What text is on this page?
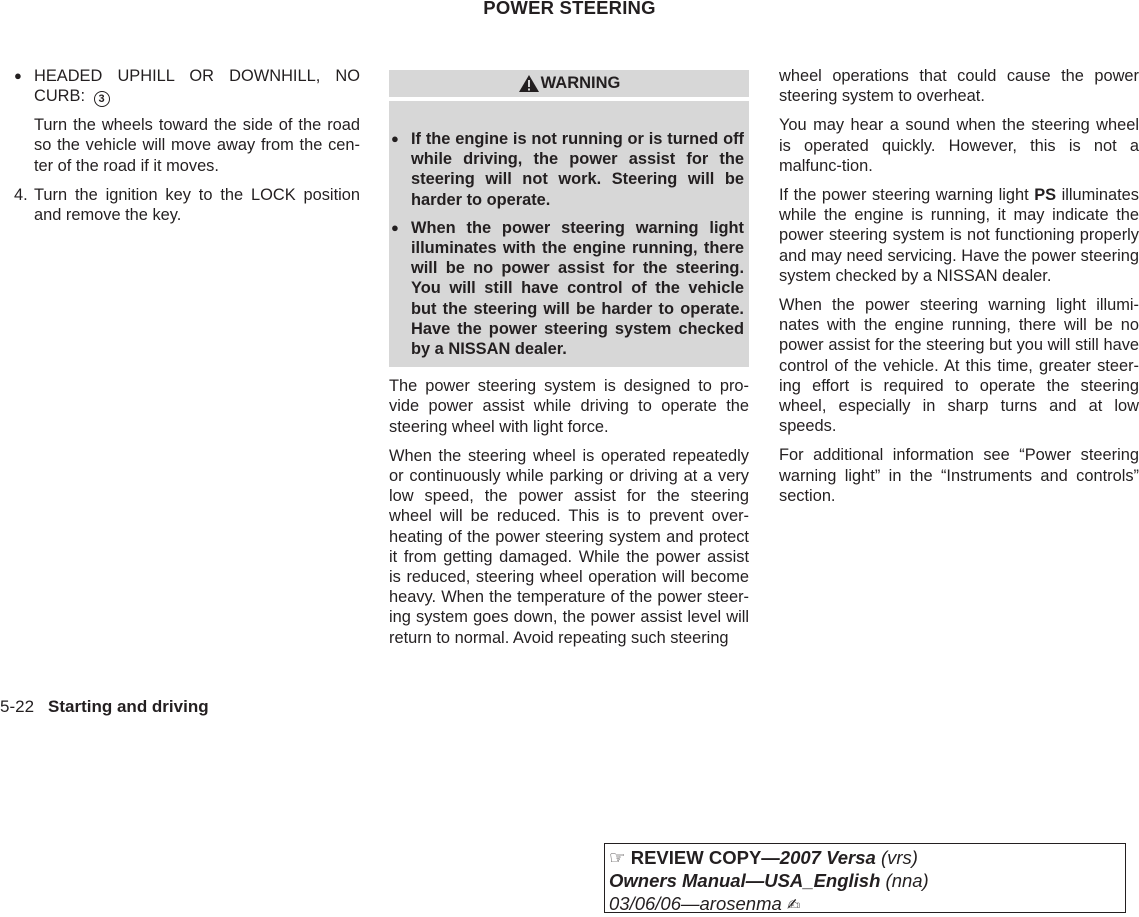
POWER STEERING
● HEADED UPHILL OR DOWNHILL, NO CURB: 3

Turn the wheels toward the side of the road so the vehicle will move away from the cen-ter of the road if it moves.

4. Turn the ignition key to the LOCK position and remove the key.
WARNING
● If the engine is not running or is turned off while driving, the power assist for the steering will not work. Steering will be harder to operate.
● When the power steering warning light illuminates with the engine running, there will be no power assist for the steering. You will still have control of the vehicle but the steering will be harder to operate. Have the power steering system checked by a NISSAN dealer.

The power steering system is designed to pro-vide power assist while driving to operate the steering wheel with light force.

When the steering wheel is operated repeatedly or continuously while parking or driving at a very low speed, the power assist for the steering wheel will be reduced. This is to prevent over-heating of the power steering system and protect it from getting damaged. While the power assist is reduced, steering wheel operation will become heavy. When the temperature of the power steer-ing system goes down, the power assist level will return to normal. Avoid repeating such steering

wheel operations that could cause the power steering system to overheat.

You may hear a sound when the steering wheel is operated quickly. However, this is not a malfunc-tion.

If the power steering warning light PS illuminates while the engine is running, it may indicate the power steering system is not functioning properly and may need servicing. Have the power steering system checked by a NISSAN dealer.

When the power steering warning light illumi-nates with the engine running, there will be no power assist for the steering but you will still have control of the vehicle. At this time, greater steer-ing effort is required to operate the steering wheel, especially in sharp turns and at low speeds.

For additional information see “Power steering warning light” in the “Instruments and controls” section.

5-22 Starting and driving
☞ REVIEW COPY—2007 Versa (vrs)
Owners Manual—USA_English (nna)
03/06/06—arosenma ✍
